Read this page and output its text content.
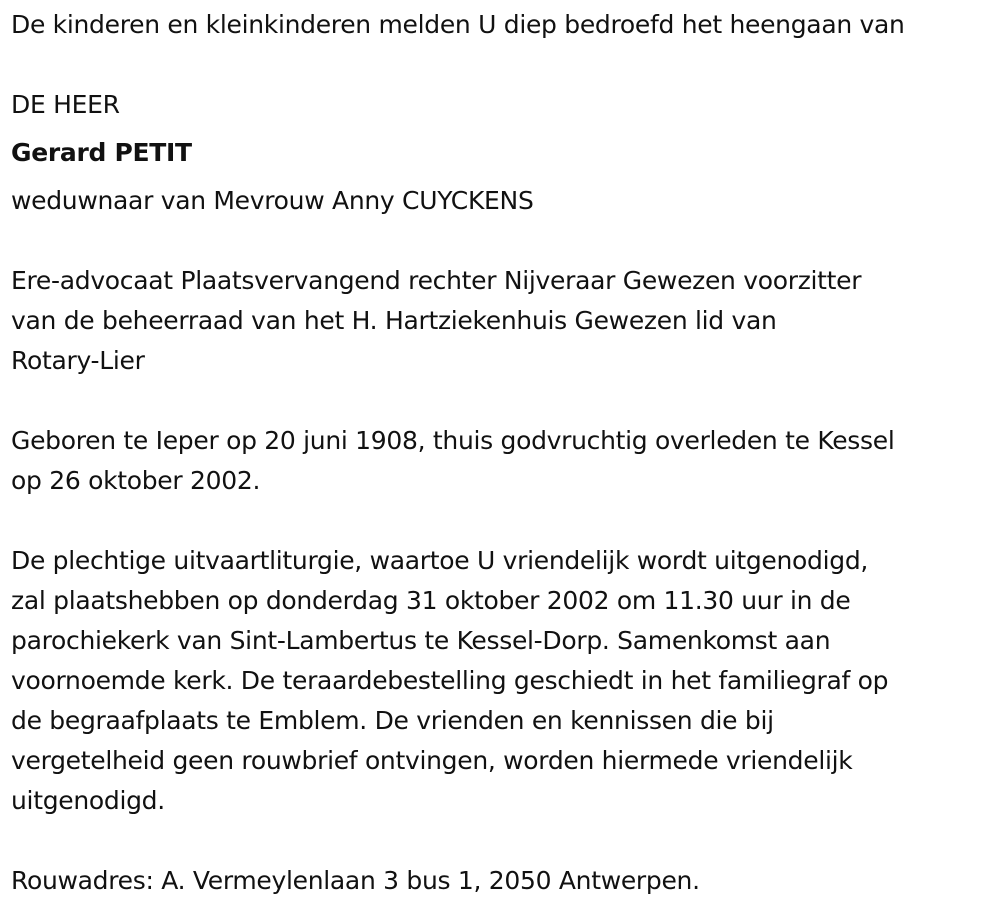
De kinderen en kleinkinderen melden U diep bedroefd het heengaan van
DE HEER
Gerard PETIT
weduwnaar van Mevrouw Anny CUYCKENS
Ere-advocaat Plaatsvervangend rechter Nijveraar Gewezen voorzitter
van de beheerraad van het H. Hartziekenhuis Gewezen lid van
Rotary-Lier
Geboren te Ieper op 20 juni 1908, thuis godvruchtig overleden te Kessel
op 26 oktober 2002.
De plechtige uitvaartliturgie, waartoe U vriendelijk wordt uitgenodigd,
zal plaatshebben op donderdag 31 oktober 2002 om 11.30 uur in de
parochiekerk van Sint-Lambertus te Kessel-Dorp. Samenkomst aan
voornoemde kerk. De teraardebestelling geschiedt in het familiegraf op
de begraafplaats te Emblem. De vrienden en kennissen die bij
vergetelheid geen rouwbrief ontvingen, worden hiermede vriendelijk
uitgenodigd.
Rouwadres: A. Vermeylenlaan 3 bus 1, 2050 Antwerpen.
